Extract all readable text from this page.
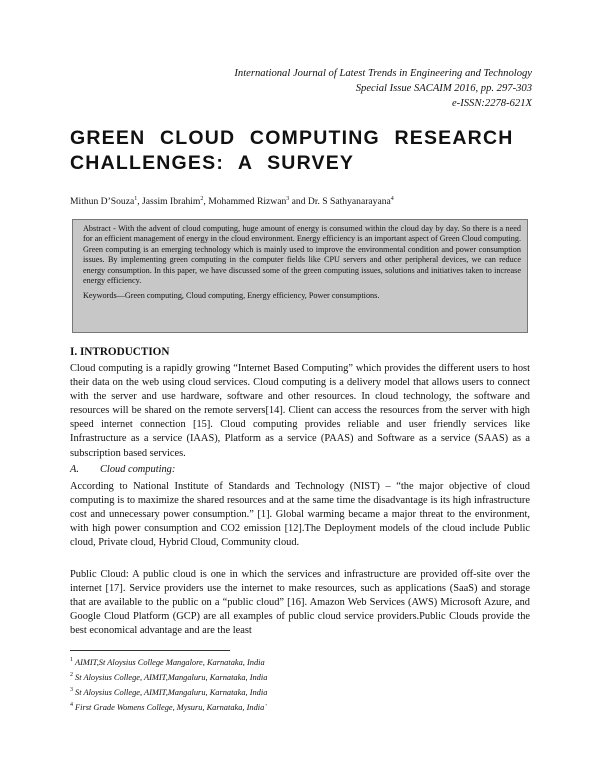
International Journal of Latest Trends in Engineering and Technology
Special Issue SACAIM 2016, pp. 297-303
e-ISSN:2278-621X
GREEN CLOUD COMPUTING RESEARCH
CHALLENGES: A SURVEY
Mithun D’Souza$^1$, Jassim Ibrahim$^2$, Mohammed Rizwan$^3$ and Dr. S Sathyanarayana$^4$

Abstract - With the advent of cloud computing, huge amount of energy is consumed within the cloud day by day. So there is a need for an efficient management of energy in the cloud environment. Energy efficiency is an important aspect of Green Cloud computing. Green computing is an emerging technology which is mainly used to improve the environmental condition and power consumption issues. By implementing green computing in the computer fields like CPU servers and other peripheral devices, we can reduce energy consumption. In this paper, we have discussed some of the green computing issues, solutions and initiatives taken to increase energy efficiency.

Keywords—Green computing, Cloud computing, Energy efficiency, Power consumptions.

I. INTRODUCTION

Cloud computing is a rapidly growing “Internet Based Computing” which provides the different users to host their data on the web using cloud services. Cloud computing is a delivery model that allows users to connect with the server and use hardware, software and other resources. In cloud technology, the software and resources will be shared on the remote servers[14]. Client can access the resources from the server with high speed internet connection [15]. Cloud computing provides reliable and user friendly services like Infrastructure as a service (IAAS), Platform as a service (PAAS) and Software as a service (SAAS) as a subscription based services.

A. Cloud computing:

According to National Institute of Standards and Technology (NIST) – “the major objective of cloud computing is to maximize the shared resources and at the same time the disadvantage is its high infrastructure cost and unnecessary power consumption.” [1]. Global warming became a major threat to the environment, with high power consumption and CO2 emission [12].The Deployment models of the cloud include Public cloud, Private cloud, Hybrid Cloud, Community cloud.

Public Cloud: A public cloud is one in which the services and infrastructure are provided off-site over the internet [17]. Service providers use the internet to make resources, such as applications (SaaS) and storage that are available to the public on a “public cloud” [16]. Amazon Web Services (AWS) Microsoft Azure, and Google Cloud Platform (GCP) are all examples of public cloud service providers.Public Clouds provide the best economical advantage and are the least

$^1$ AIMIT,St Aloysius College Mangalore, Karnataka, India
$^2$ St Aloysius College, AIMIT,Mangaluru, Karnataka, India
$^3$ St Aloysius College, AIMIT,Mangaluru, Karnataka, India
$^4$ First Grade Womens College, Mysuru, Karnataka, India`
